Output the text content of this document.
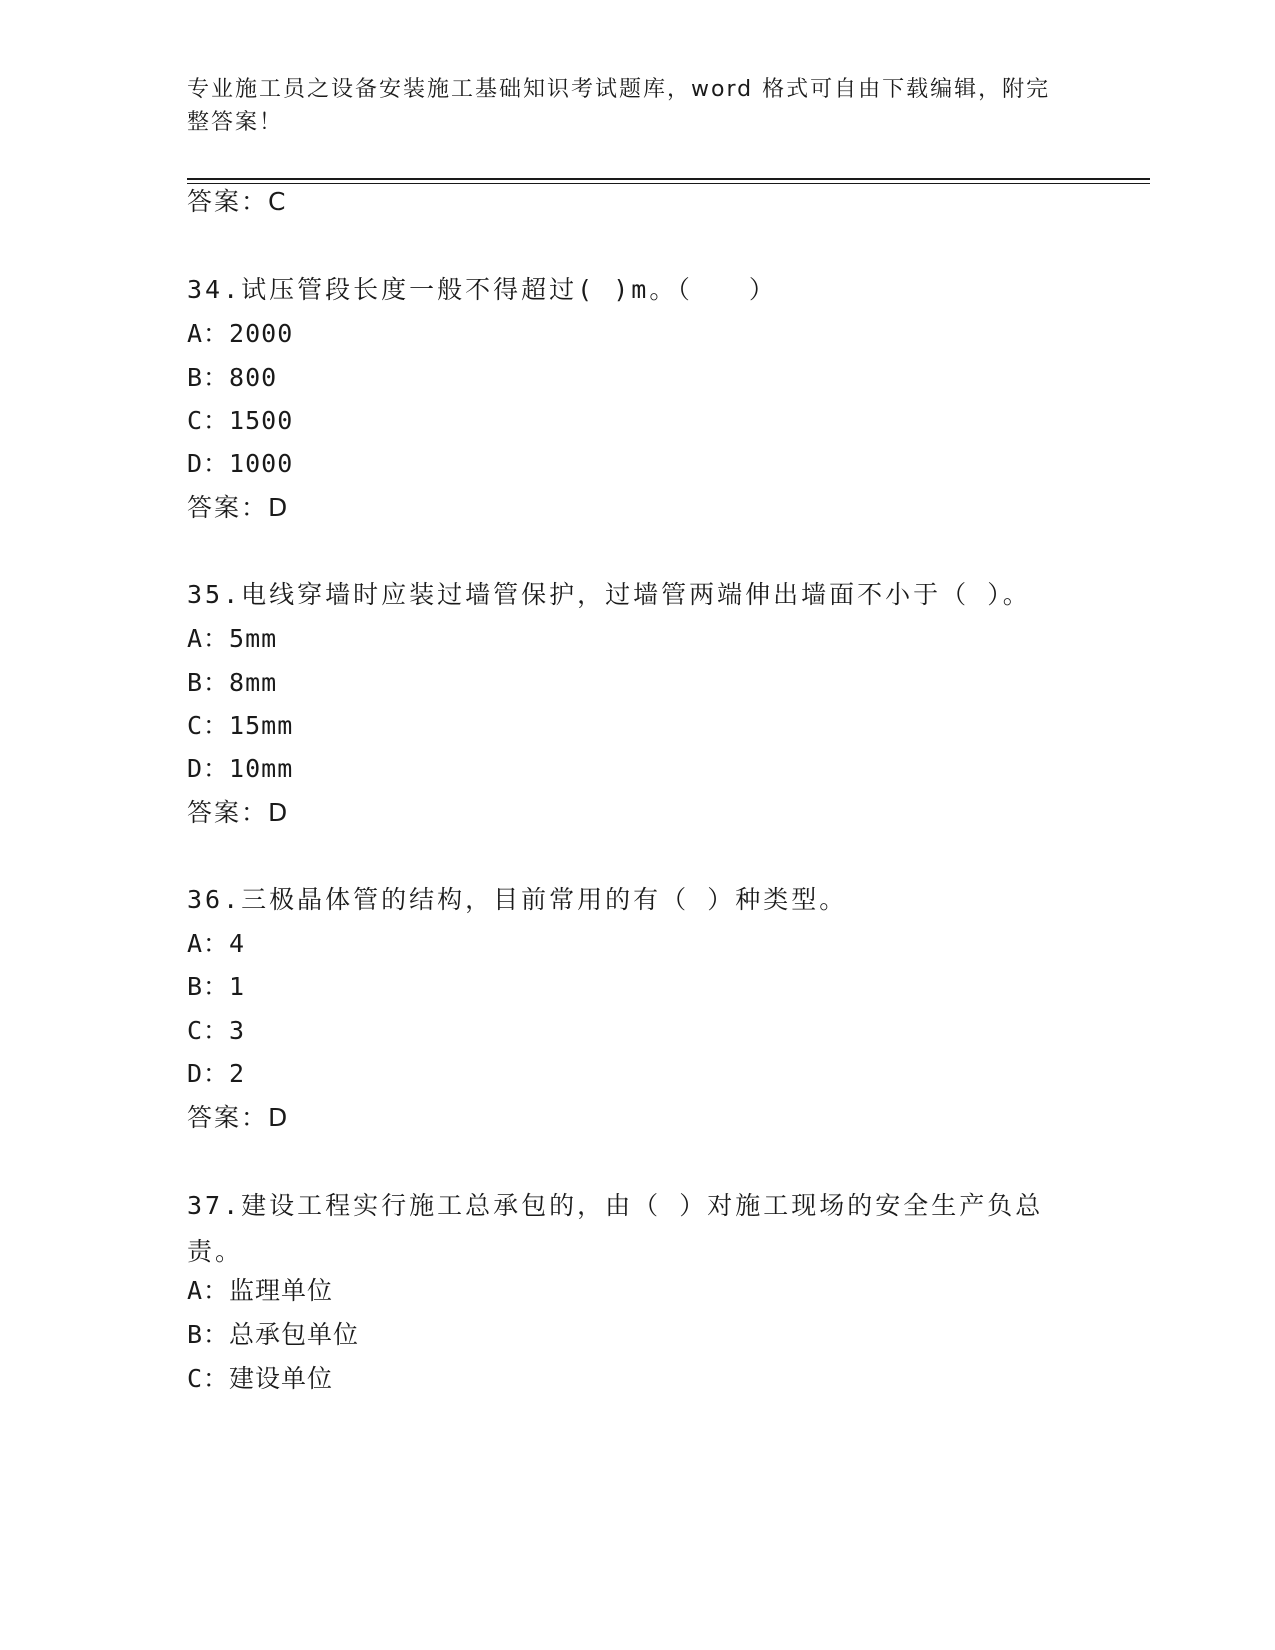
专业施工员之设备安装施工基础知识考试题库，word 格式可自由下载编辑，附完整答案！
答案：C
34.试压管段长度一般不得超过( )m。（　　）
A：2000
B：800
C：1500
D：1000
答案：D
35.电线穿墙时应装过墙管保护，过墙管两端伸出墙面不小于（ ）。
A：5mm
B：8mm
C：15mm
D：10mm
答案：D
36.三极晶体管的结构，目前常用的有（ ）种类型。
A：4
B：1
C：3
D：2
答案：D
37.建设工程实行施工总承包的，由（ ）对施工现场的安全生产负总责。
A：监理单位
B：总承包单位
C：建设单位
